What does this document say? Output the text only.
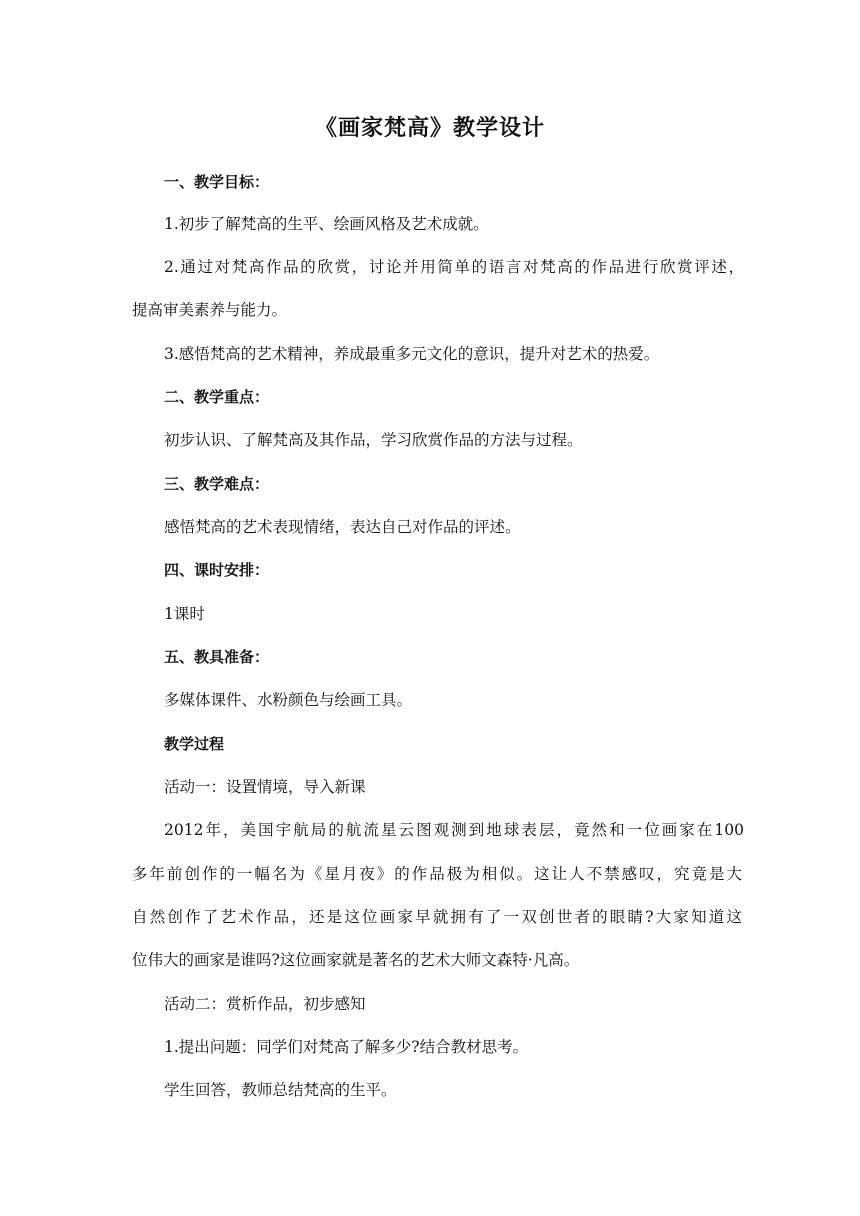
《画家梵高》教学设计
一、教学目标：
1.初步了解梵高的生平、绘画风格及艺术成就。
2.通过对梵高作品的欣赏，讨论并用简单的语言对梵高的作品进行欣赏评述，
提高审美素养与能力。
3.感悟梵高的艺术精神，养成最重多元文化的意识，提升对艺术的热爱。
二、教学重点：
初步认识、了解梵高及其作品，学习欣赏作品的方法与过程。
三、教学难点：
感悟梵高的艺术表现情绪，表达自己对作品的评述。
四、课时安排：
1课时
五、教具准备：
多媒体课件、水粉颜色与绘画工具。
教学过程
活动一：设置情境，导入新课
2012年，美国宇航局的航流星云图观测到地球表层，竟然和一位画家在100
多年前创作的一幅名为《星月夜》的作品极为相似。这让人不禁感叹，究竟是大
自然创作了艺术作品，还是这位画家早就拥有了一双创世者的眼睛?大家知道这
位伟大的画家是谁吗?这位画家就是著名的艺术大师文森特·凡高。
活动二：赏析作品，初步感知
1.提出问题：同学们对梵高了解多少?结合教材思考。
学生回答，教师总结梵高的生平。
